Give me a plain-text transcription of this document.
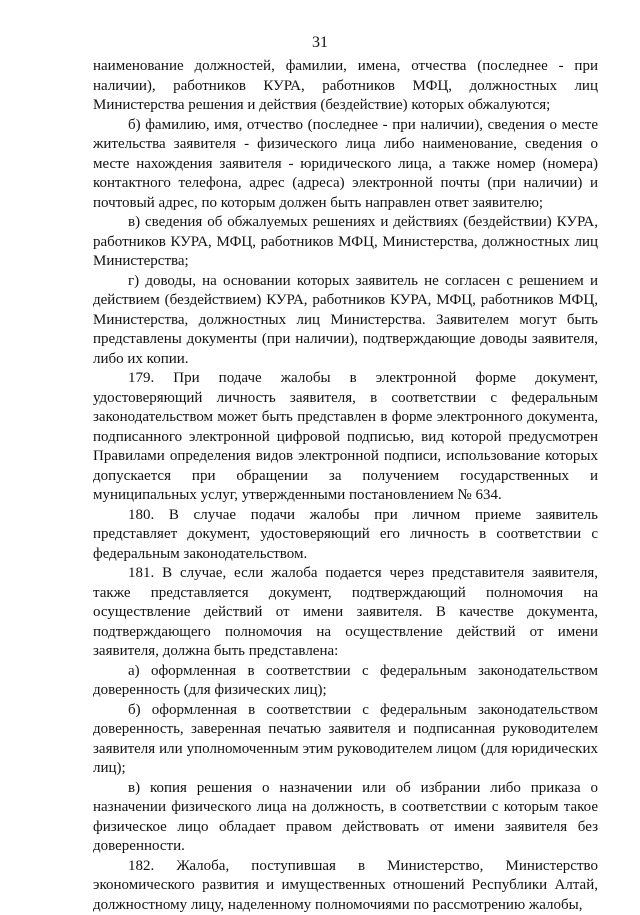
31

наименование должностей, фамилии, имена, отчества (последнее - при наличии), работников КУРА, работников МФЦ, должностных лиц Министерства решения и действия (бездействие) которых обжалуются;

б) фамилию, имя, отчество (последнее - при наличии), сведения о месте жительства заявителя - физического лица либо наименование, сведения о месте нахождения заявителя - юридического лица, а также номер (номера) контактного телефона, адрес (адреса) электронной почты (при наличии) и почтовый адрес, по которым должен быть направлен ответ заявителю;

в) сведения об обжалуемых решениях и действиях (бездействии) КУРА, работников КУРА, МФЦ, работников МФЦ, Министерства, должностных лиц Министерства;

г) доводы, на основании которых заявитель не согласен с решением и действием (бездействием) КУРА, работников КУРА, МФЦ, работников МФЦ, Министерства, должностных лиц Министерства. Заявителем могут быть представлены документы (при наличии), подтверждающие доводы заявителя, либо их копии.

179. При подаче жалобы в электронной форме документ, удостоверяющий личность заявителя, в соответствии с федеральным законодательством может быть представлен в форме электронного документа, подписанного электронной цифровой подписью, вид которой предусмотрен Правилами определения видов электронной подписи, использование которых допускается при обращении за получением государственных и муниципальных услуг, утвержденными постановлением № 634.

180. В случае подачи жалобы при личном приеме заявитель представляет документ, удостоверяющий его личность в соответствии с федеральным законодательством.

181. В случае, если жалоба подается через представителя заявителя, также представляется документ, подтверждающий полномочия на осуществление действий от имени заявителя. В качестве документа, подтверждающего полномочия на осуществление действий от имени заявителя, должна быть представлена:

а) оформленная в соответствии с федеральным законодательством доверенность (для физических лиц);

б) оформленная в соответствии с федеральным законодательством доверенность, заверенная печатью заявителя и подписанная руководителем заявителя или уполномоченным этим руководителем лицом (для юридических лиц);

в) копия решения о назначении или об избрании либо приказа о назначении физического лица на должность, в соответствии с которым такое физическое лицо обладает правом действовать от имени заявителя без доверенности.

182. Жалоба, поступившая в Министерство, Министерство экономического развития и имущественных отношений Республики Алтай, должностному лицу, наделенному полномочиями по рассмотрению жалобы,
